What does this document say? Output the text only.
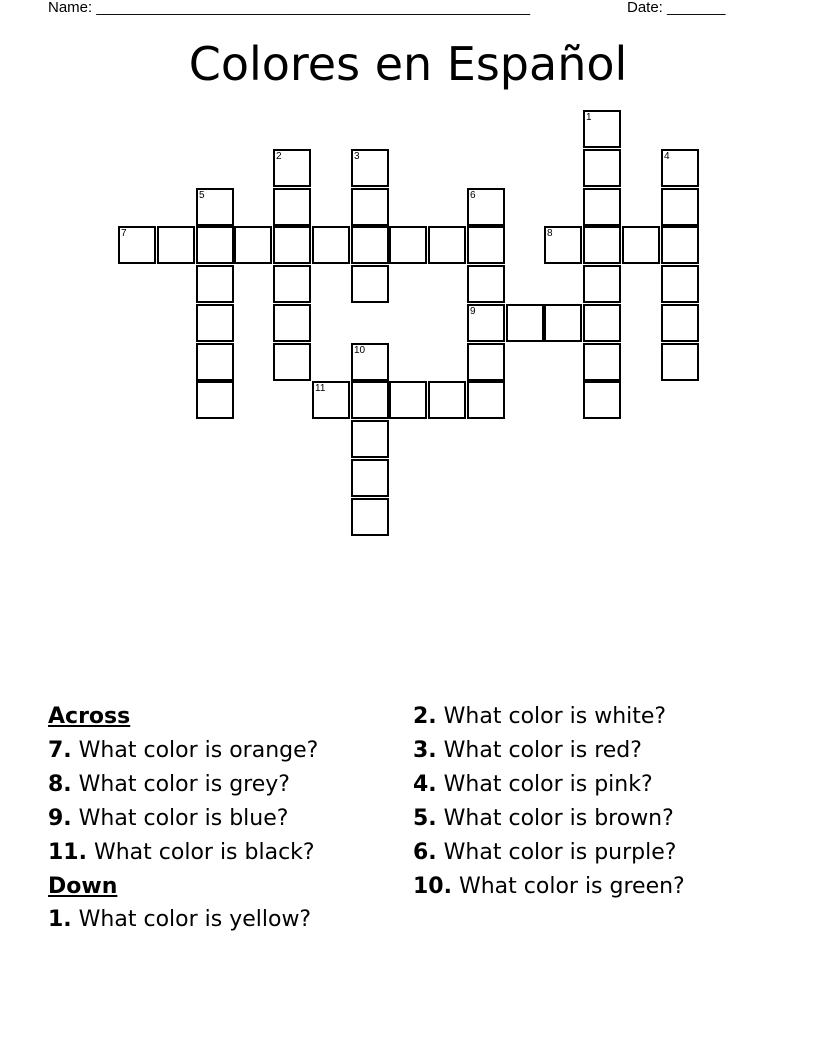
Name: ____________________________________________________	Date: _______
Colores en Español
7	8
9
11
1
2	3	4
5	6
10
Across
7. What color is orange?
8. What color is grey?
9. What color is blue?
11. What color is black?
Down
1. What color is yellow?
2. What color is white?
3. What color is red?
4. What color is pink?
5. What color is brown?
6. What color is purple?
10. What color is green?
